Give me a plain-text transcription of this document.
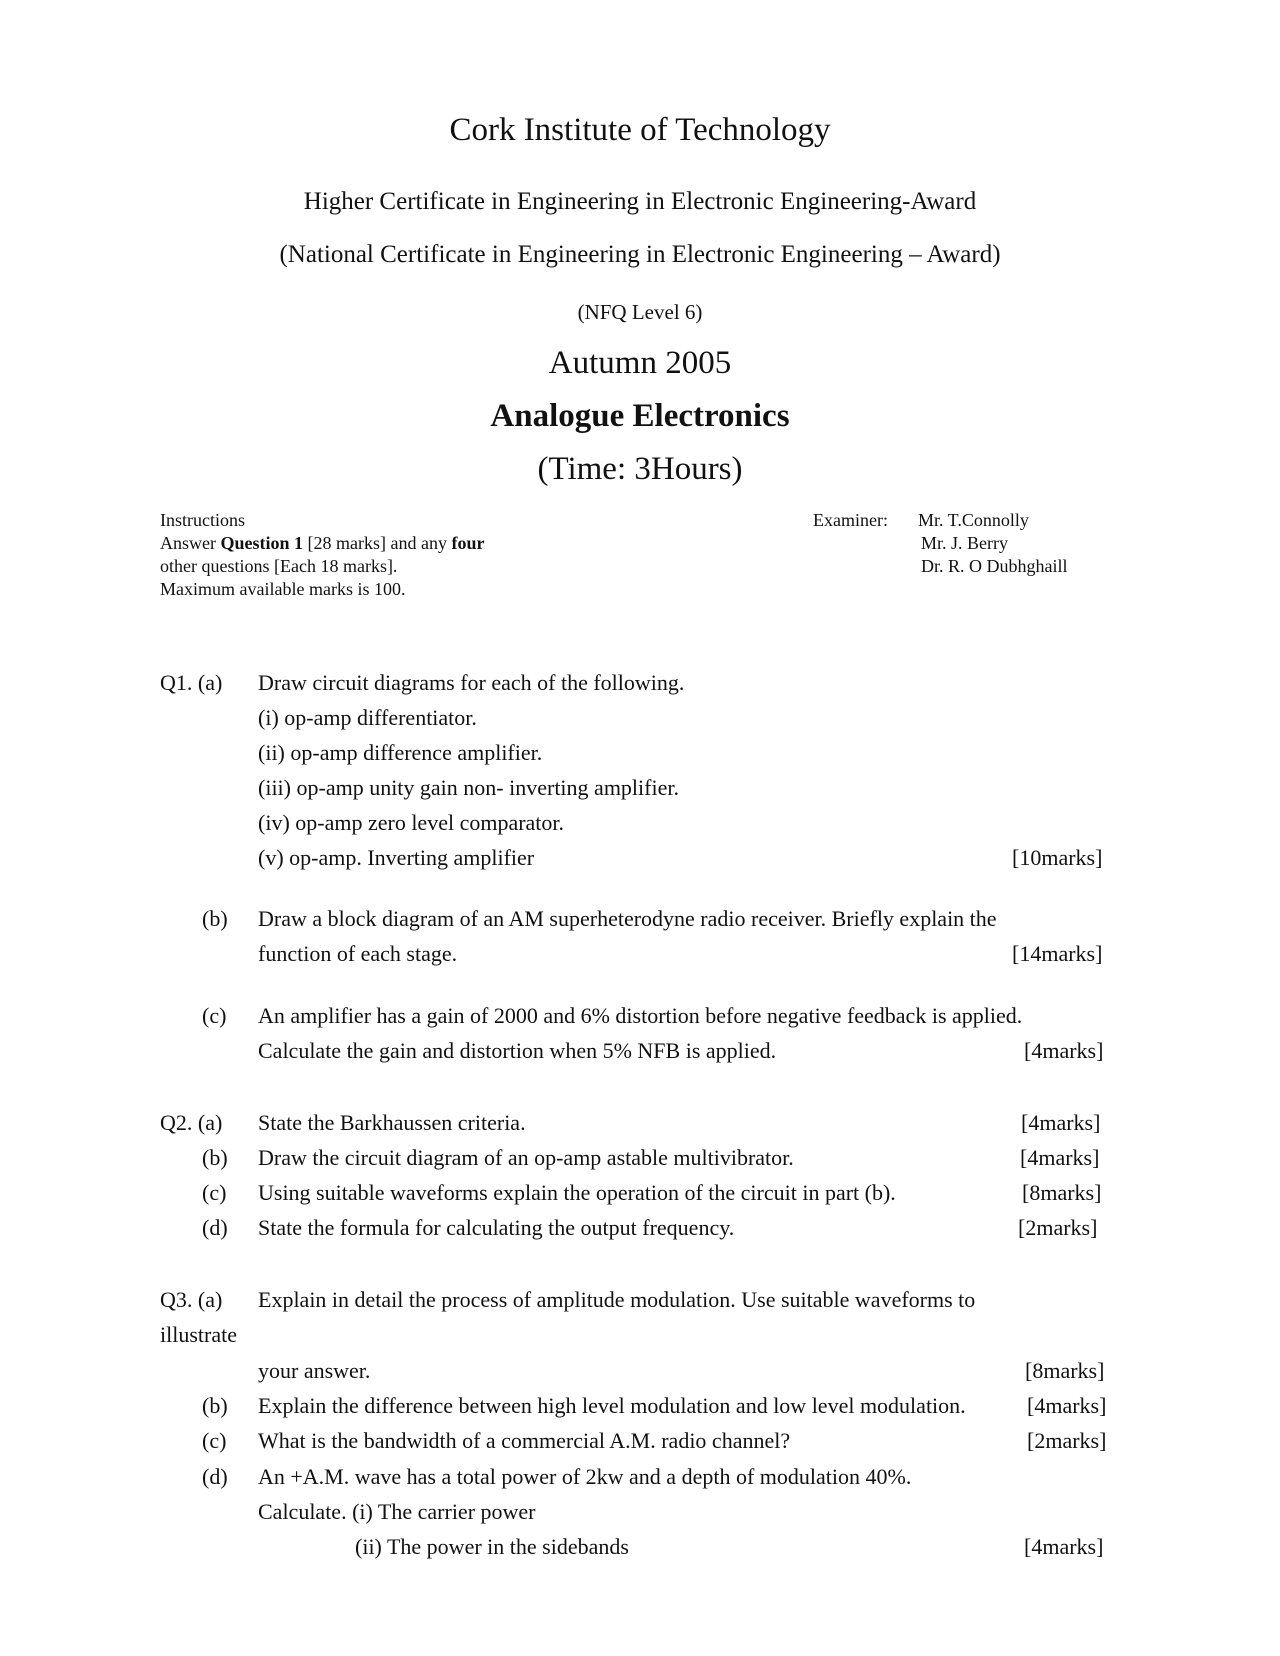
Cork Institute of Technology
Higher Certificate in Engineering in Electronic Engineering-Award
(National Certificate in Engineering in Electronic Engineering – Award)
(NFQ Level 6)
Autumn 2005
Analogue Electronics
(Time: 3Hours)
Instructions
Answer Question 1 [28 marks] and any four
other questions [Each 18 marks].
Maximum available marks is 100.
Examiner: Mr. T.Connolly
Mr. J. Berry
Dr. R. O Dubhghaill
Q1. (a) Draw circuit diagrams for each of the following.
(i) op-amp differentiator.
(ii) op-amp difference amplifier.
(iii) op-amp unity gain non- inverting amplifier.
(iv) op-amp zero level comparator.
(v) op-amp. Inverting amplifier	[10marks]
(b) Draw a block diagram of an AM superheterodyne radio receiver. Briefly explain the
function of each stage.	[14marks]
(c) An amplifier has a gain of 2000 and 6% distortion before negative feedback is applied.
Calculate the gain and distortion when 5% NFB is applied.	[4marks]
Q2. (a) State the Barkhaussen criteria.	[4marks]
(b) Draw the circuit diagram of an op-amp astable multivibrator.	[4marks]
(c) Using suitable waveforms explain the operation of the circuit in part (b).	[8marks]
(d) State the formula for calculating the output frequency.	[2marks]
Q3. (a) Explain in detail the process of amplitude modulation. Use suitable waveforms to
illustrate
your answer.	[8marks]
(b) Explain the difference between high level modulation and low level modulation.	[4marks]
(c) What is the bandwidth of a commercial A.M. radio channel?	[2marks]
(d) An +A.M. wave has a total power of 2kw and a depth of modulation 40%.
Calculate. (i) The carrier power
(ii) The power in the sidebands	[4marks]
